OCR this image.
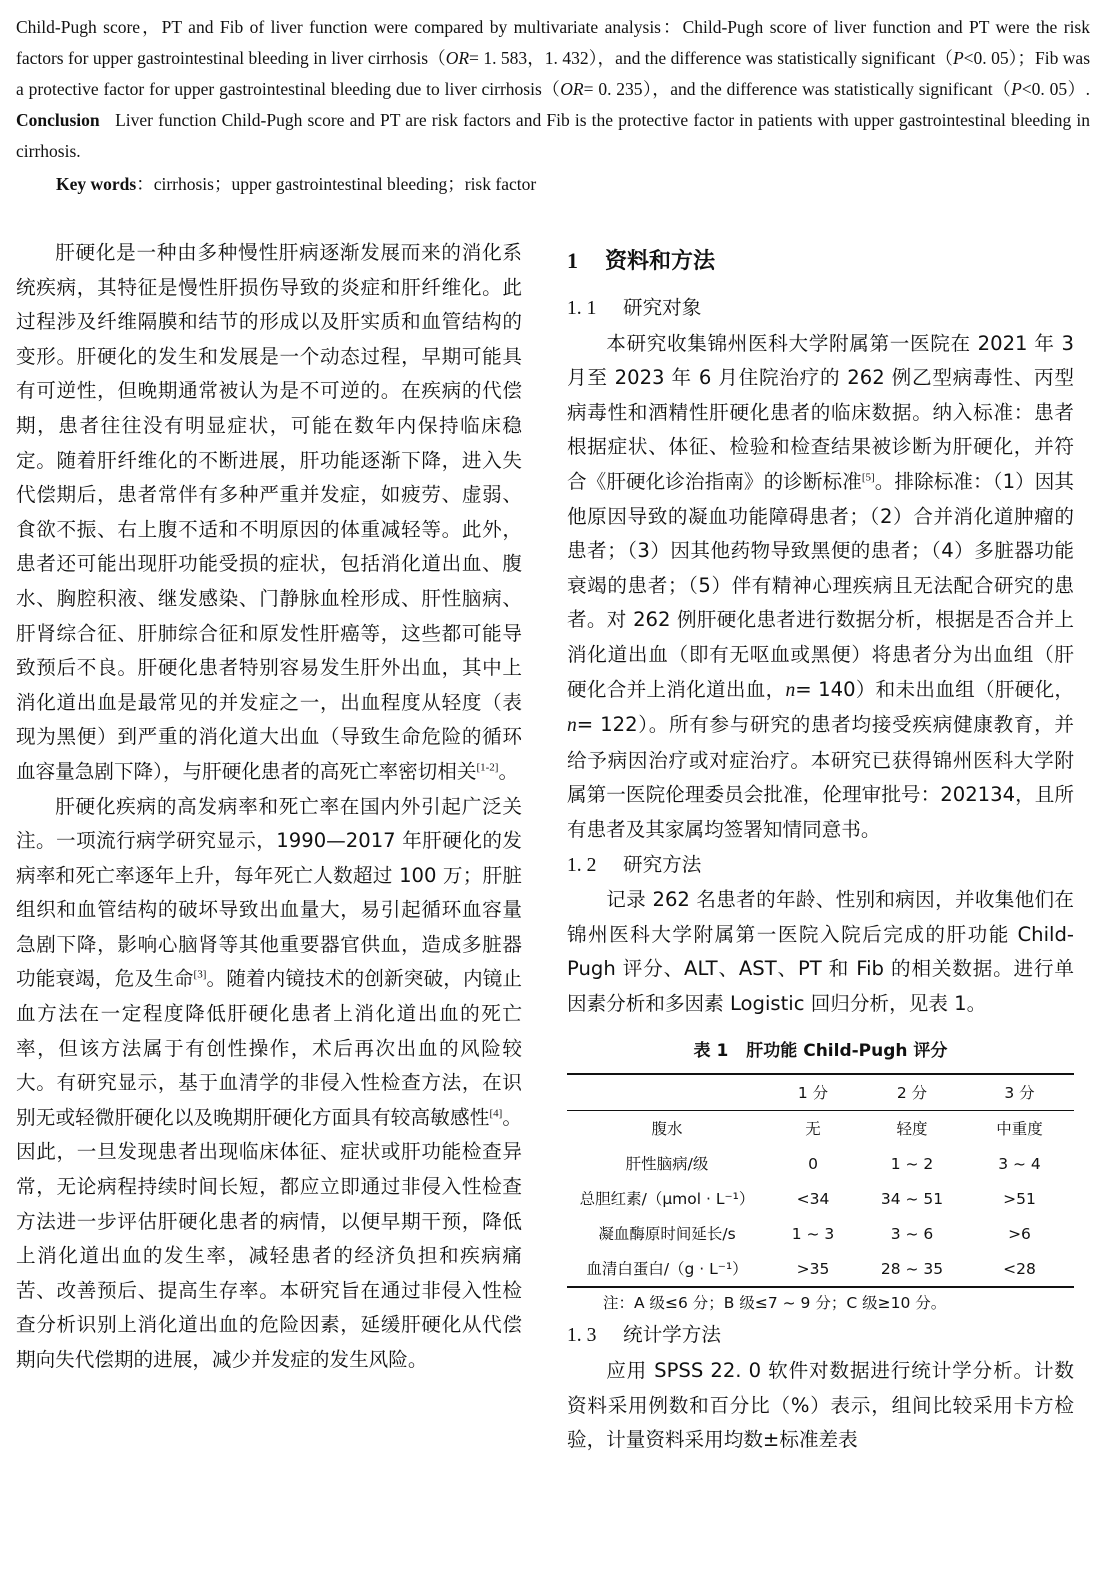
Child-Pugh score，PT and Fib of liver function were compared by multivariate analysis：Child-Pugh score of liver function and PT were the risk factors for upper gastrointestinal bleeding in liver cirrhosis（OR= 1. 583，1. 432），and the difference was statistically significant（P<0. 05）；Fib was a protective factor for upper gastrointestinal bleeding due to liver cirrhosis（OR= 0. 235），and the difference was statistically significant（P<0. 05）. Conclusion Liver function Child-Pugh score and PT are risk factors and Fib is the protective factor in patients with upper gastrointestinal bleeding in cirrhosis.

Key words：cirrhosis；upper gastrointestinal bleeding；risk factor

肝硬化是一种由多种慢性肝病逐渐发展而来的消化系统疾病，其特征是慢性肝损伤导致的炎症和肝纤维化。此过程涉及纤维隔膜和结节的形成以及肝实质和血管结构的变形。肝硬化的发生和发展是一个动态过程，早期可能具有可逆性，但晚期通常被认为是不可逆的。在疾病的代偿期，患者往往没有明显症状，可能在数年内保持临床稳定。随着肝纤维化的不断进展，肝功能逐渐下降，进入失代偿期后，患者常伴有多种严重并发症，如疲劳、虚弱、食欲不振、右上腹不适和不明原因的体重减轻等。此外，患者还可能出现肝功能受损的症状，包括消化道出血、腹水、胸腔积液、继发感染、门静脉血栓形成、肝性脑病、肝肾综合征、肝肺综合征和原发性肝癌等，这些都可能导致预后不良。肝硬化患者特别容易发生肝外出血，其中上消化道出血是最常见的并发症之一，出血程度从轻度（表现为黑便）到严重的消化道大出血（导致生命危险的循环血容量急剧下降），与肝硬化患者的高死亡率密切相关[1-2]。

肝硬化疾病的高发病率和死亡率在国内外引起广泛关注。一项流行病学研究显示，1990—2017 年肝硬化的发病率和死亡率逐年上升，每年死亡人数超过 100 万；肝脏组织和血管结构的破坏导致出血量大，易引起循环血容量急剧下降，影响心脑肾等其他重要器官供血，造成多脏器功能衰竭，危及生命[3]。随着内镜技术的创新突破，内镜止血方法在一定程度降低肝硬化患者上消化道出血的死亡率，但该方法属于有创性操作，术后再次出血的风险较大。有研究显示，基于血清学的非侵入性检查方法，在识别无或轻微肝硬化以及晚期肝硬化方面具有较高敏感性[4]。因此，一旦发现患者出现临床体征、症状或肝功能检查异常，无论病程持续时间长短，都应立即通过非侵入性检查方法进一步评估肝硬化患者的病情，以便早期干预，降低上消化道出血的发生率，减轻患者的经济负担和疾病痛苦、改善预后、提高生存率。本研究旨在通过非侵入性检查分析识别上消化道出血的危险因素，延缓肝硬化从代偿期向失代偿期的进展，减少并发症的发生风险。

1 资料和方法
1. 1 研究对象

本研究收集锦州医科大学附属第一医院在 2021 年 3 月至 2023 年 6 月住院治疗的 262 例乙型病毒性、丙型病毒性和酒精性肝硬化患者的临床数据。纳入标准：患者根据症状、体征、检验和检查结果被诊断为肝硬化，并符合《肝硬化诊治指南》的诊断标准[5]。排除标准：（1）因其他原因导致的凝血功能障碍患者；（2）合并消化道肿瘤的患者；（3）因其他药物导致黑便的患者；（4）多脏器功能衰竭的患者；（5）伴有精神心理疾病且无法配合研究的患者。对 262 例肝硬化患者进行数据分析，根据是否合并上消化道出血（即有无呕血或黑便）将患者分为出血组（肝硬化合并上消化道出血，n= 140）和未出血组（肝硬化，n= 122）。所有参与研究的患者均接受疾病健康教育，并给予病因治疗或对症治疗。本研究已获得锦州医科大学附属第一医院伦理委员会批准，伦理审批号：202134，且所有患者及其家属均签署知情同意书。

1. 2 研究方法

记录 262 名患者的年龄、性别和病因，并收集他们在锦州医科大学附属第一医院入院后完成的肝功能 Child-Pugh 评分、ALT、AST、PT 和 Fib 的相关数据。进行单因素分析和多因素 Logistic 回归分析，见表 1。

表 1 肝功能 Child-Pugh 评分
	1 分	2 分	3 分
腹水	无	轻度	中重度
肝性脑病/级	0	1 ~ 2	3 ~ 4
总胆红素/（μmol · L⁻¹）	<34	34 ~ 51	>51
凝血酶原时间延长/s	1 ~ 3	3 ~ 6	>6
血清白蛋白/（g · L⁻¹）	>35	28 ~ 35	<28
注：A 级≤6 分；B 级≤7 ~ 9 分；C 级≥10 分。
1. 3 统计学方法

应用 SPSS 22. 0 软件对数据进行统计学分析。计数资料采用例数和百分比（%）表示，组间比较采用卡方检验，计量资料采用均数±标准差表
